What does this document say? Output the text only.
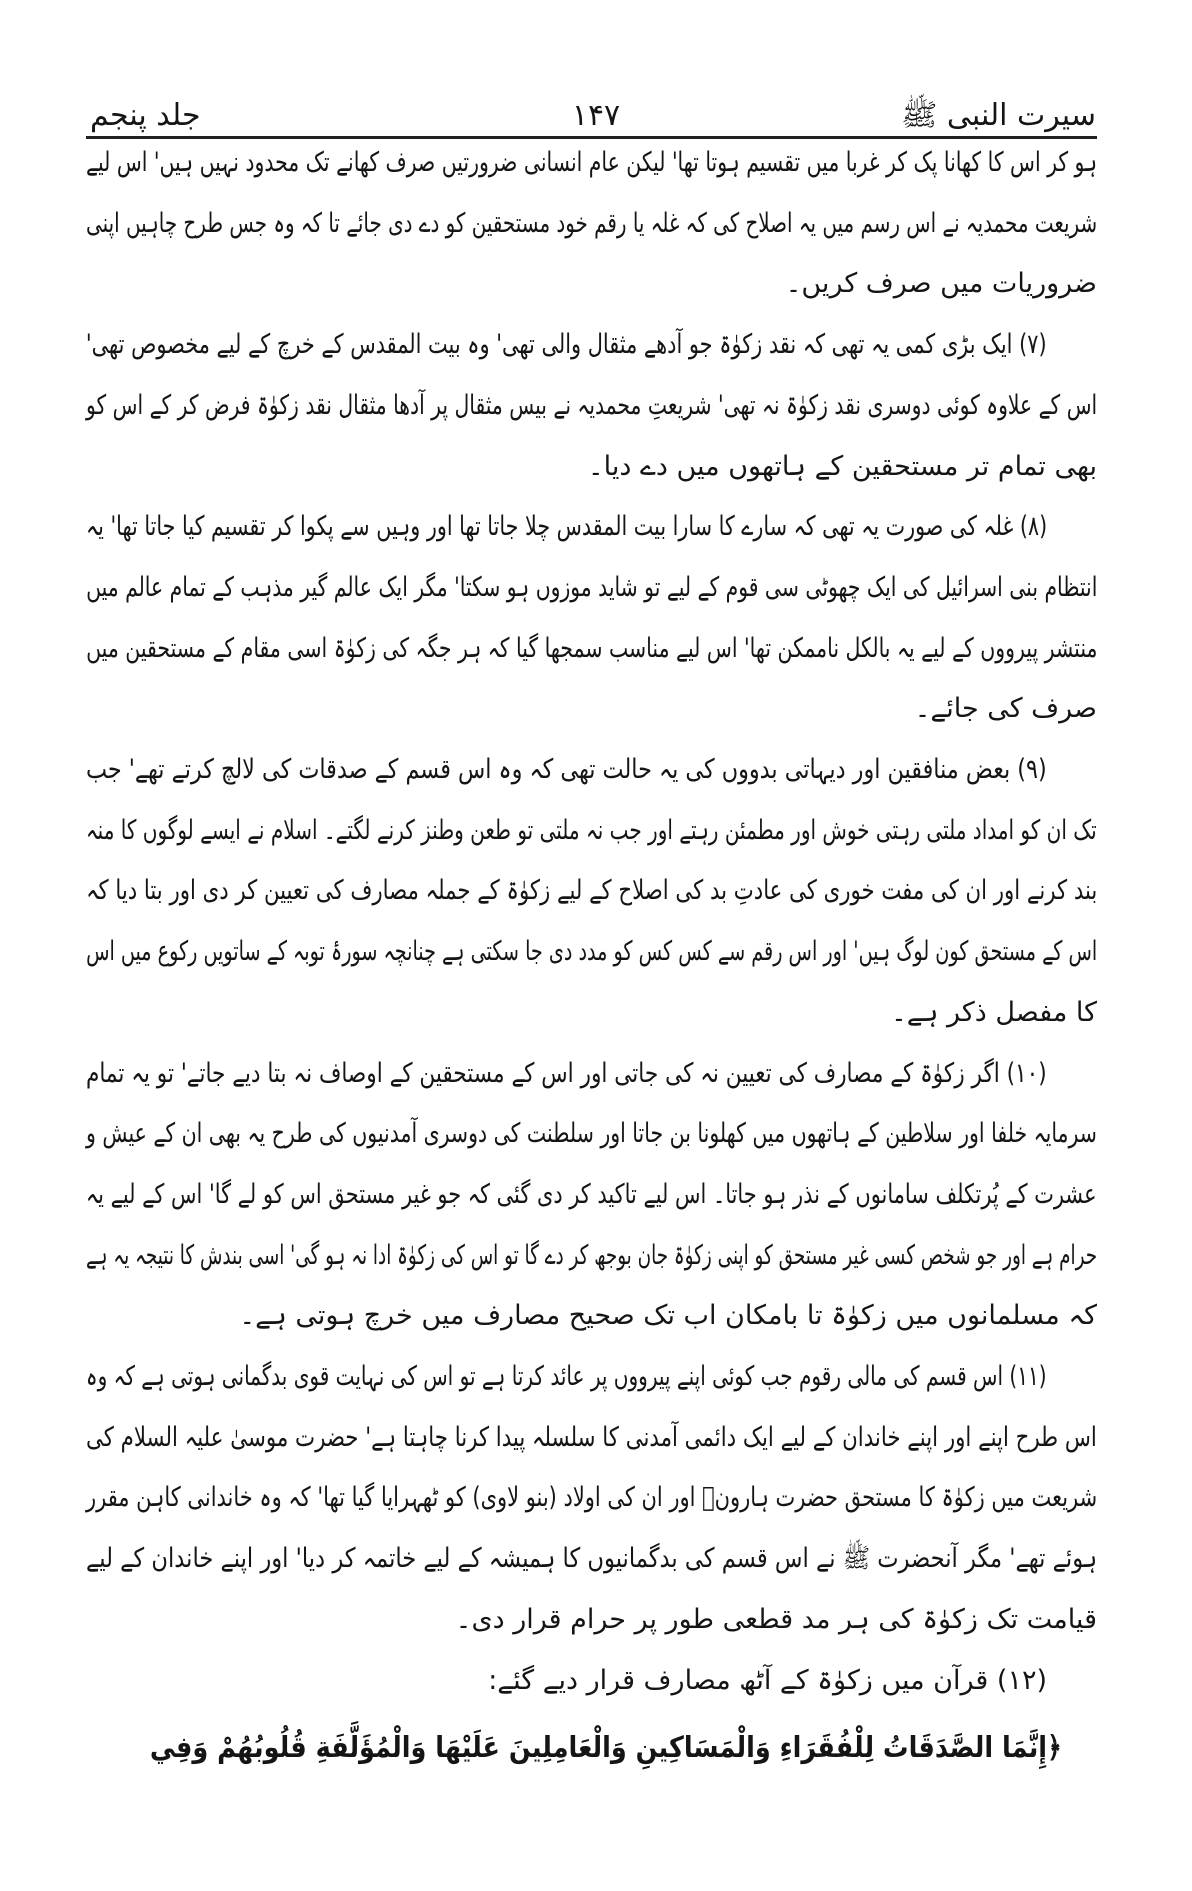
سیرت النبی ﷺ
۱۴۷
جلد پنجم
ہو کر اس کا کھانا پک کر غربا میں تقسیم ہوتا تھا' لیکن عام انسانی ضرورتیں صرف کھانے تک محدود نہیں ہیں' اس لیے
شریعت محمدیہ نے اس رسم میں یہ اصلاح کی کہ غلہ یا رقم خود مستحقین کو دے دی جائے تا کہ وہ جس طرح چاہیں اپنی
ضروریات میں صرف کریں۔
(۷) ایک بڑی کمی یہ تھی کہ نقد زکوٰۃ جو آدھے مثقال والی تھی' وہ بیت المقدس کے خرچ کے لیے مخصوص تھی'
اس کے علاوہ کوئی دوسری نقد زکوٰۃ نہ تھی' شریعتِ محمدیہ نے بیس مثقال پر آدھا مثقال نقد زکوٰۃ فرض کر کے اس کو
بھی تمام تر مستحقین کے ہاتھوں میں دے دیا۔
(۸) غلہ کی صورت یہ تھی کہ سارے کا سارا بیت المقدس چلا جاتا تھا اور وہیں سے پکوا کر تقسیم کیا جاتا تھا' یہ
انتظام بنی اسرائیل کی ایک چھوٹی سی قوم کے لیے تو شاید موزوں ہو سکتا' مگر ایک عالم گیر مذہب کے تمام عالم میں
منتشر پیرووں کے لیے یہ بالکل ناممکن تھا' اس لیے مناسب سمجھا گیا کہ ہر جگہ کی زکوٰۃ اسی مقام کے مستحقین میں
صرف کی جائے۔
(۹) بعض منافقین اور دیہاتی بدووں کی یہ حالت تھی کہ وہ اس قسم کے صدقات کی لالچ کرتے تھے' جب
تک ان کو امداد ملتی رہتی خوش اور مطمئن رہتے اور جب نہ ملتی تو طعن وطنز کرنے لگتے۔ اسلام نے ایسے لوگوں کا منہ
بند کرنے اور ان کی مفت خوری کی عادتِ بد کی اصلاح کے لیے زکوٰۃ کے جملہ مصارف کی تعیین کر دی اور بتا دیا کہ
اس کے مستحق کون لوگ ہیں' اور اس رقم سے کس کس کو مدد دی جا سکتی ہے چنانچہ سورۂ توبہ کے ساتویں رکوع میں اس
کا مفصل ذکر ہے۔
(۱۰) اگر زکوٰۃ کے مصارف کی تعیین نہ کی جاتی اور اس کے مستحقین کے اوصاف نہ بتا دیے جاتے' تو یہ تمام
سرمایہ خلفا اور سلاطین کے ہاتھوں میں کھلونا بن جاتا اور سلطنت کی دوسری آمدنیوں کی طرح یہ بھی ان کے عیش و
عشرت کے پُرتکلف سامانوں کے نذر ہو جاتا۔ اس لیے تاکید کر دی گئی کہ جو غیر مستحق اس کو لے گا' اس کے لیے یہ
حرام ہے اور جو شخص کسی غیر مستحق کو اپنی زکوٰۃ جان بوجھ کر دے گا تو اس کی زکوٰۃ ادا نہ ہو گی' اسی بندش کا نتیجہ یہ ہے
کہ مسلمانوں میں زکوٰۃ تا بامکان اب تک صحیح مصارف میں خرچ ہوتی ہے۔
(۱۱) اس قسم کی مالی رقوم جب کوئی اپنے پیرووں پر عائد کرتا ہے تو اس کی نہایت قوی بدگمانی ہوتی ہے کہ وہ
اس طرح اپنے اور اپنے خاندان کے لیے ایک دائمی آمدنی کا سلسلہ پیدا کرنا چاہتا ہے' حضرت موسیٰ علیہ السلام کی
شریعت میں زکوٰۃ کا مستحق حضرت ہارونؑ اور ان کی اولاد (بنو لاوی) کو ٹھہرایا گیا تھا' کہ وہ خاندانی کاہن مقرر
ہوئے تھے' مگر آنحضرت ﷺ نے اس قسم کی بدگمانیوں کا ہمیشہ کے لیے خاتمہ کر دیا' اور اپنے خاندان کے لیے
قیامت تک زکوٰۃ کی ہر مد قطعی طور پر حرام قرار دی۔
(۱۲) قرآن میں زکوٰۃ کے آٹھ مصارف قرار دیے گئے:
﴿إِنَّمَا الصَّدَقَاتُ لِلْفُقَرَاءِ وَالْمَسَاكِينِ وَالْعَامِلِينَ عَلَيْهَا وَالْمُؤَلَّفَةِ قُلُوبُهُمْ وَفِي
